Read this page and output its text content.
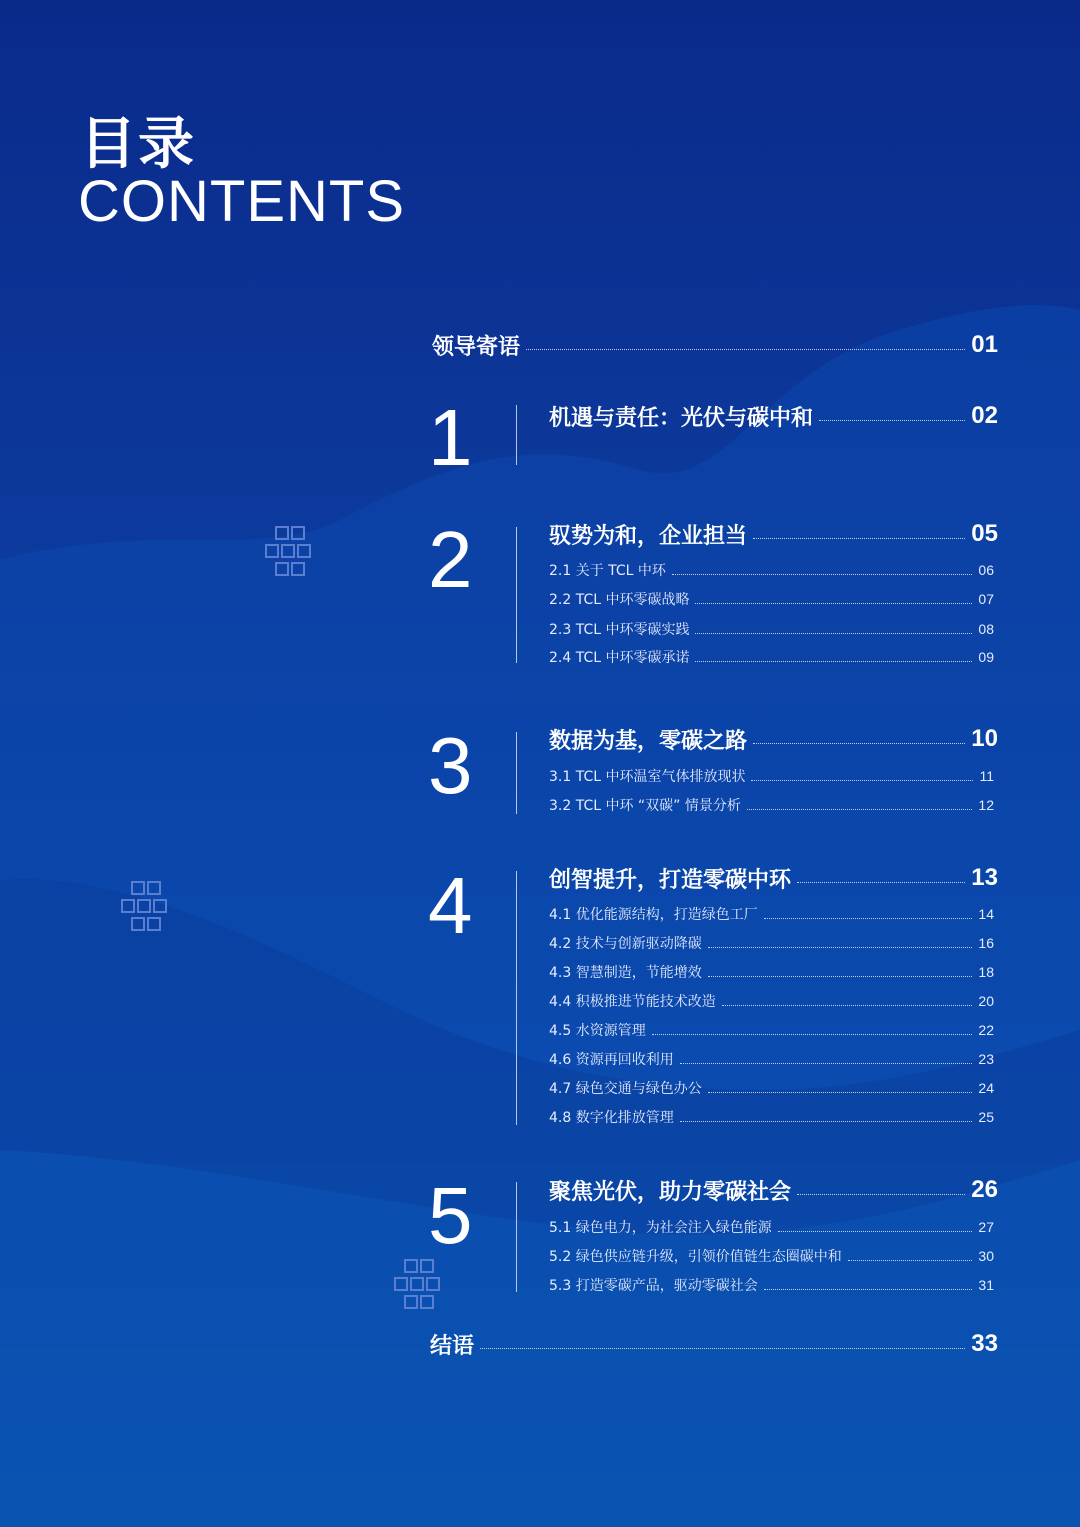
目录
CONTENTS
领导寄语	01
1	机遇与责任：光伏与碳中和	02
2	驭势为和，企业担当	05
2.1 关于 TCL 中环	06
2.2 TCL 中环零碳战略	07
2.3 TCL 中环零碳实践	08
2.4 TCL 中环零碳承诺	09
3	数据为基，零碳之路	10
3.1 TCL 中环温室气体排放现状	11
3.2 TCL 中环 “双碳” 情景分析	12
4	创智提升，打造零碳中环	13
4.1 优化能源结构，打造绿色工厂	14
4.2 技术与创新驱动降碳	16
4.3 智慧制造，节能增效	18
4.4 积极推进节能技术改造	20
4.5 水资源管理	22
4.6 资源再回收利用	23
4.7 绿色交通与绿色办公	24
4.8 数字化排放管理	25
5	聚焦光伏，助力零碳社会	26
5.1 绿色电力，为社会注入绿色能源	27
5.2 绿色供应链升级，引领价值链生态圈碳中和	30
5.3 打造零碳产品，驱动零碳社会	31
结语	33
